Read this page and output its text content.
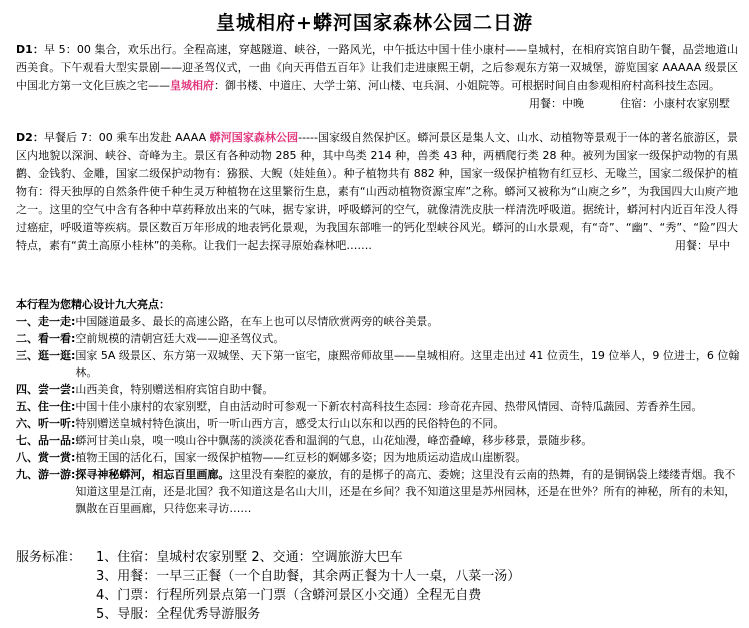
皇城相府+蟒河国家森林公园二日游
D1：早 5：00 集合，欢乐出行。全程高速，穿越隧道、峡谷，一路风光，中午抵达中国十佳小康村——皇城村，在相府宾馆自助午餐，品尝地道山西美食。下午观看大型实景剧——迎圣驾仪式，一曲《向天再借五百年》让我们走进康熙王朝，之后参观东方第一双城堡，游览国家 AAAAA 级景区中国北方第一文化巨族之宅——皇城相府：御书楼、中道庄、大学士第、河山楼、屯兵洞、小姐院等。可根据时间自由参观相府村高科技生态园。
用餐：中晚	住宿：小康村农家别墅
D2：早餐后 7：00 乘车出发赴 AAAA 蟒河国家森林公园-----国家级自然保护区。蟒河景区是集人文、山水、动植物等景观于一体的著名旅游区，景区内地貌以深涧、峡谷、奇峰为主。景区有各种动物 285 种，其中鸟类 214 种，兽类 43 种，两栖爬行类 28 种。被列为国家一级保护动物的有黑鹳、金钱豹、金雕，国家二级保护动物有：猕猴、大鲵（娃娃鱼）。种子植物共有 882 种，国家一级保护植物有红豆杉、无喙兰，国家二级保护的植物有：得天独厚的自然条件使千种生灵万种植物在这里繁衍生息，素有“山西动植物资源宝库”之称。蟒河又被称为“山庾之乡”，为我国四大山庾产地之一。这里的空气中含有各种中草药释放出来的气味，据专家讲，呼吸蟒河的空气，就像清洗皮肤一样清洗呼吸道。据统计，蟒河村内近百年没人得过癌症，呼吸道等疾病。景区数百万年形成的地表钙化景观，为我国东部唯一的钙化型峡谷风光。蟒河的山水景观，有“奇”、“幽”、“秀”、“险”四大特点，素有“黄土高原小桂林”的美称。让我们一起去探寻原始森林吧…….	用餐：早中
本行程为您精心设计九大亮点：
一、走一走: 中国隧道最多、最长的高速公路，在车上也可以尽情欣赏两旁的峡谷美景。
二、看一看: 空前规模的清朝宫廷大戏——迎圣驾仪式。
三、逛一逛: 国家 5A 级景区、东方第一双城堡、天下第一宦宅，康熙帝师故里——皇城相府。这里走出过 41 位贡生，19 位举人，9 位进士，6 位翰林。
四、尝一尝: 山西美食，特别赠送相府宾馆自助中餐。
五、住一住: 中国十佳小康村的农家别墅，自由活动时可参观一下新农村高科技生态园：珍奇花卉园、热带风情园、奇特瓜蔬园、芳香养生园。
六、听一听: 特别赠送皇城村特色演出，听一听山西方言，感受太行山以东和以西的民俗特色的不同。
七、品一品: 蟒河甘美山泉，嗅一嗅山谷中飘荡的淡淡花香和温润的气息，山花灿漫，峰峦叠嶂，移步移景，景随步移。
八、赏一赏: 植物王国的活化石，国家一级保护植物——红豆杉的婀娜多姿；因为地质运动造成山崖断裂。
九、游一游: 探寻神秘蟒河，相忘百里画廊。这里没有秦腔的豪放，有的是梆子的高亢、委婉；这里没有云南的热舞，有的是铜锅袋上缕缕青烟。我不知道这里是江南，还是北国？我不知道这是名山大川，还是在乡间？我不知道这里是苏州园林，还是在世外？所有的神秘，所有的未知，飘散在百里画廊，只待您来寻访……
服务标准：	1、住宿：皇城村农家别墅 2、交通：空调旅游大巴车
3、用餐：一早三正餐（一个自助餐，其余两正餐为十人一桌，八菜一汤）
4、门票：行程所列景点第一门票（含蟒河景区小交通）全程无自费
5、导服：全程优秀导游服务
